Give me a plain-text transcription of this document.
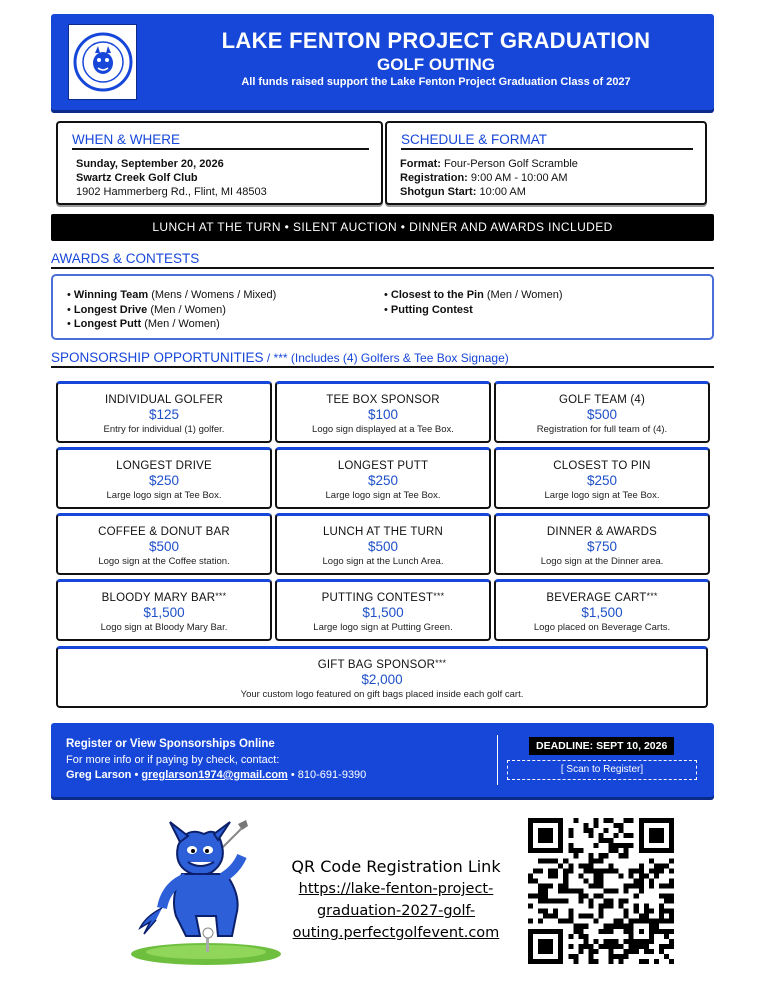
LAKE FENTON PROJECT GRADUATION
GOLF OUTING
All funds raised support the Lake Fenton Project Graduation Class of 2027
WHEN & WHERE
Sunday, September 20, 2026
Swartz Creek Golf Club
1902 Hammerberg Rd., Flint, MI 48503
SCHEDULE & FORMAT
Format: Four-Person Golf Scramble
Registration: 9:00 AM - 10:00 AM
Shotgun Start: 10:00 AM
LUNCH AT THE TURN • SILENT AUCTION • DINNER AND AWARDS INCLUDED
AWARDS & CONTESTS
• Winning Team (Mens / Womens / Mixed)
• Longest Drive (Men / Women)
• Longest Putt (Men / Women)
• Closest to the Pin (Men / Women)
• Putting Contest
SPONSORSHIP OPPORTUNITIES / *** (Includes (4) Golfers & Tee Box Signage)
INDIVIDUAL GOLFER
$125
Entry for individual (1) golfer.
TEE BOX SPONSOR
$100
Logo sign displayed at a Tee Box.
GOLF TEAM (4)
$500
Registration for full team of (4).
LONGEST DRIVE
$250
Large logo sign at Tee Box.
LONGEST PUTT
$250
Large logo sign at Tee Box.
CLOSEST TO PIN
$250
Large logo sign at Tee Box.
COFFEE & DONUT BAR
$500
Logo sign at the Coffee station.
LUNCH AT THE TURN
$500
Logo sign at the Lunch Area.
DINNER & AWARDS
$750
Logo sign at the Dinner area.
BLOODY MARY BAR***
$1,500
Logo sign at Bloody Mary Bar.
PUTTING CONTEST***
$1,500
Large logo sign at Putting Green.
BEVERAGE CART***
$1,500
Logo placed on Beverage Carts.
GIFT BAG SPONSOR***
$2,000
Your custom logo featured on gift bags placed inside each golf cart.
Register or View Sponsorships Online
For more info or if paying by check, contact:
Greg Larson • greglarson1974@gmail.com • 810-691-9390
DEADLINE: SEPT 10, 2026
[ Scan to Register]
QR Code Registration Link
https://lake-fenton-project-
graduation-2027-golf-
outing.perfectgolfevent.com
